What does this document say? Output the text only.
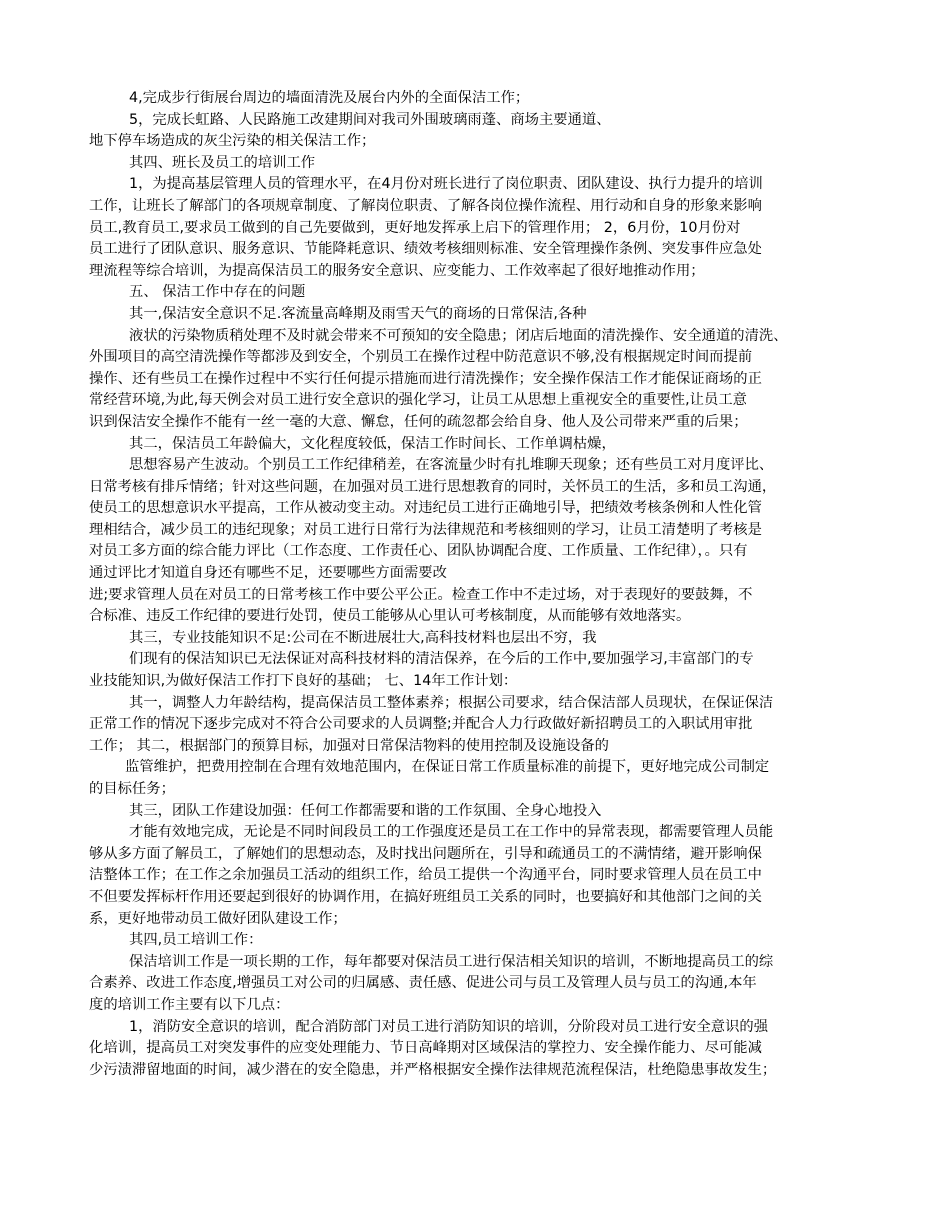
4,完成步行街展台周边的墙面清洗及展台内外的全面保洁工作；
5，完成长虹路、人民路施工改建期间对我司外围玻璃雨蓬、商场主要通道、
地下停车场造成的灰尘污染的相关保洁工作；
其四、班长及员工的培训工作
1，为提高基层管理人员的管理水平，在4月份对班长进行了岗位职责、团队建设、执行力提升的培训
工作，让班长了解部门的各项规章制度、了解岗位职责、了解各岗位操作流程、用行动和自身的形象来影响
员工,教育员工,要求员工做到的自己先要做到，更好地发挥承上启下的管理作用； 2，6月份，10月份对
员工进行了团队意识、服务意识、节能降耗意识、绩效考核细则标准、安全管理操作条例、突发事件应急处
理流程等综合培训，为提高保洁员工的服务安全意识、应变能力、工作效率起了很好地推动作用；
五、 保洁工作中存在的问题
其一,保洁安全意识不足.客流量高峰期及雨雪天气的商场的日常保洁,各种
液状的污染物质稍处理不及时就会带来不可预知的安全隐患；闭店后地面的清洗操作、安全通道的清洗、
外围项目的高空清洗操作等都涉及到安全，个别员工在操作过程中防范意识不够,没有根据规定时间而提前
操作、还有些员工在操作过程中不实行任何提示措施而进行清洗操作；安全操作保洁工作才能保证商场的正
常经营环境,为此,每天例会对员工进行安全意识的强化学习，让员工从思想上重视安全的重要性,让员工意
识到保洁安全操作不能有一丝一毫的大意、懈怠，任何的疏忽都会给自身、他人及公司带来严重的后果；
其二，保洁员工年龄偏大，文化程度较低，保洁工作时间长、工作单调枯燥，
思想容易产生波动。个别员工工作纪律稍差，在客流量少时有扎堆聊天现象；还有些员工对月度评比、
日常考核有排斥情绪；针对这些问题，在加强对员工进行思想教育的同时，关怀员工的生活，多和员工沟通，
使员工的思想意识水平提高，工作从被动变主动。对违纪员工进行正确地引导，把绩效考核条例和人性化管
理相结合，减少员工的违纪现象；对员工进行日常行为法律规范和考核细则的学习，让员工清楚明了考核是
对员工多方面的综合能力评比（工作态度、工作责任心、团队协调配合度、工作质量、工作纪律），。只有
通过评比才知道自身还有哪些不足，还要哪些方面需要改
进;要求管理人员在对员工的日常考核工作中要公平公正。检查工作中不走过场，对于表现好的要鼓舞，不
合标准、违反工作纪律的要进行处罚，使员工能够从心里认可考核制度，从而能够有效地落实。
其三，专业技能知识不足:公司在不断进展壮大,高科技材料也层出不穷，我
们现有的保洁知识已无法保证对高科技材料的清洁保养，在今后的工作中,要加强学习,丰富部门的专
业技能知识,为做好保洁工作打下良好的基础； 七、14年工作计划：
其一，调整人力年龄结构，提高保洁员工整体素养；根据公司要求，结合保洁部人员现状，在保证保洁
正常工作的情况下逐步完成对不符合公司要求的人员调整;并配合人力行政做好新招聘员工的入职试用审批
工作； 其二，根据部门的预算目标，加强对日常保洁物料的使用控制及设施设备的
监管维护，把费用控制在合理有效地范围内，在保证日常工作质量标准的前提下，更好地完成公司制定
的目标任务；
其三，团队工作建设加强：任何工作都需要和谐的工作氛围、全身心地投入
才能有效地完成，无论是不同时间段员工的工作强度还是员工在工作中的异常表现，都需要管理人员能
够从多方面了解员工，了解她们的思想动态，及时找出问题所在，引导和疏通员工的不满情绪，避开影响保
洁整体工作；在工作之余加强员工活动的组织工作，给员工提供一个沟通平台，同时要求管理人员在员工中
不但要发挥标杆作用还要起到很好的协调作用，在搞好班组员工关系的同时，也要搞好和其他部门之间的关
系，更好地带动员工做好团队建设工作；
其四,员工培训工作：
保洁培训工作是一项长期的工作，每年都要对保洁员工进行保洁相关知识的培训，不断地提高员工的综
合素养、改进工作态度,增强员工对公司的归属感、责任感、促进公司与员工及管理人员与员工的沟通,本年
度的培训工作主要有以下几点：
1，消防安全意识的培训，配合消防部门对员工进行消防知识的培训，分阶段对员工进行安全意识的强
化培训，提高员工对突发事件的应变处理能力、节日高峰期对区域保洁的掌控力、安全操作能力、尽可能减
少污渍滞留地面的时间，减少潜在的安全隐患，并严格根据安全操作法律规范流程保洁，杜绝隐患事故发生；
